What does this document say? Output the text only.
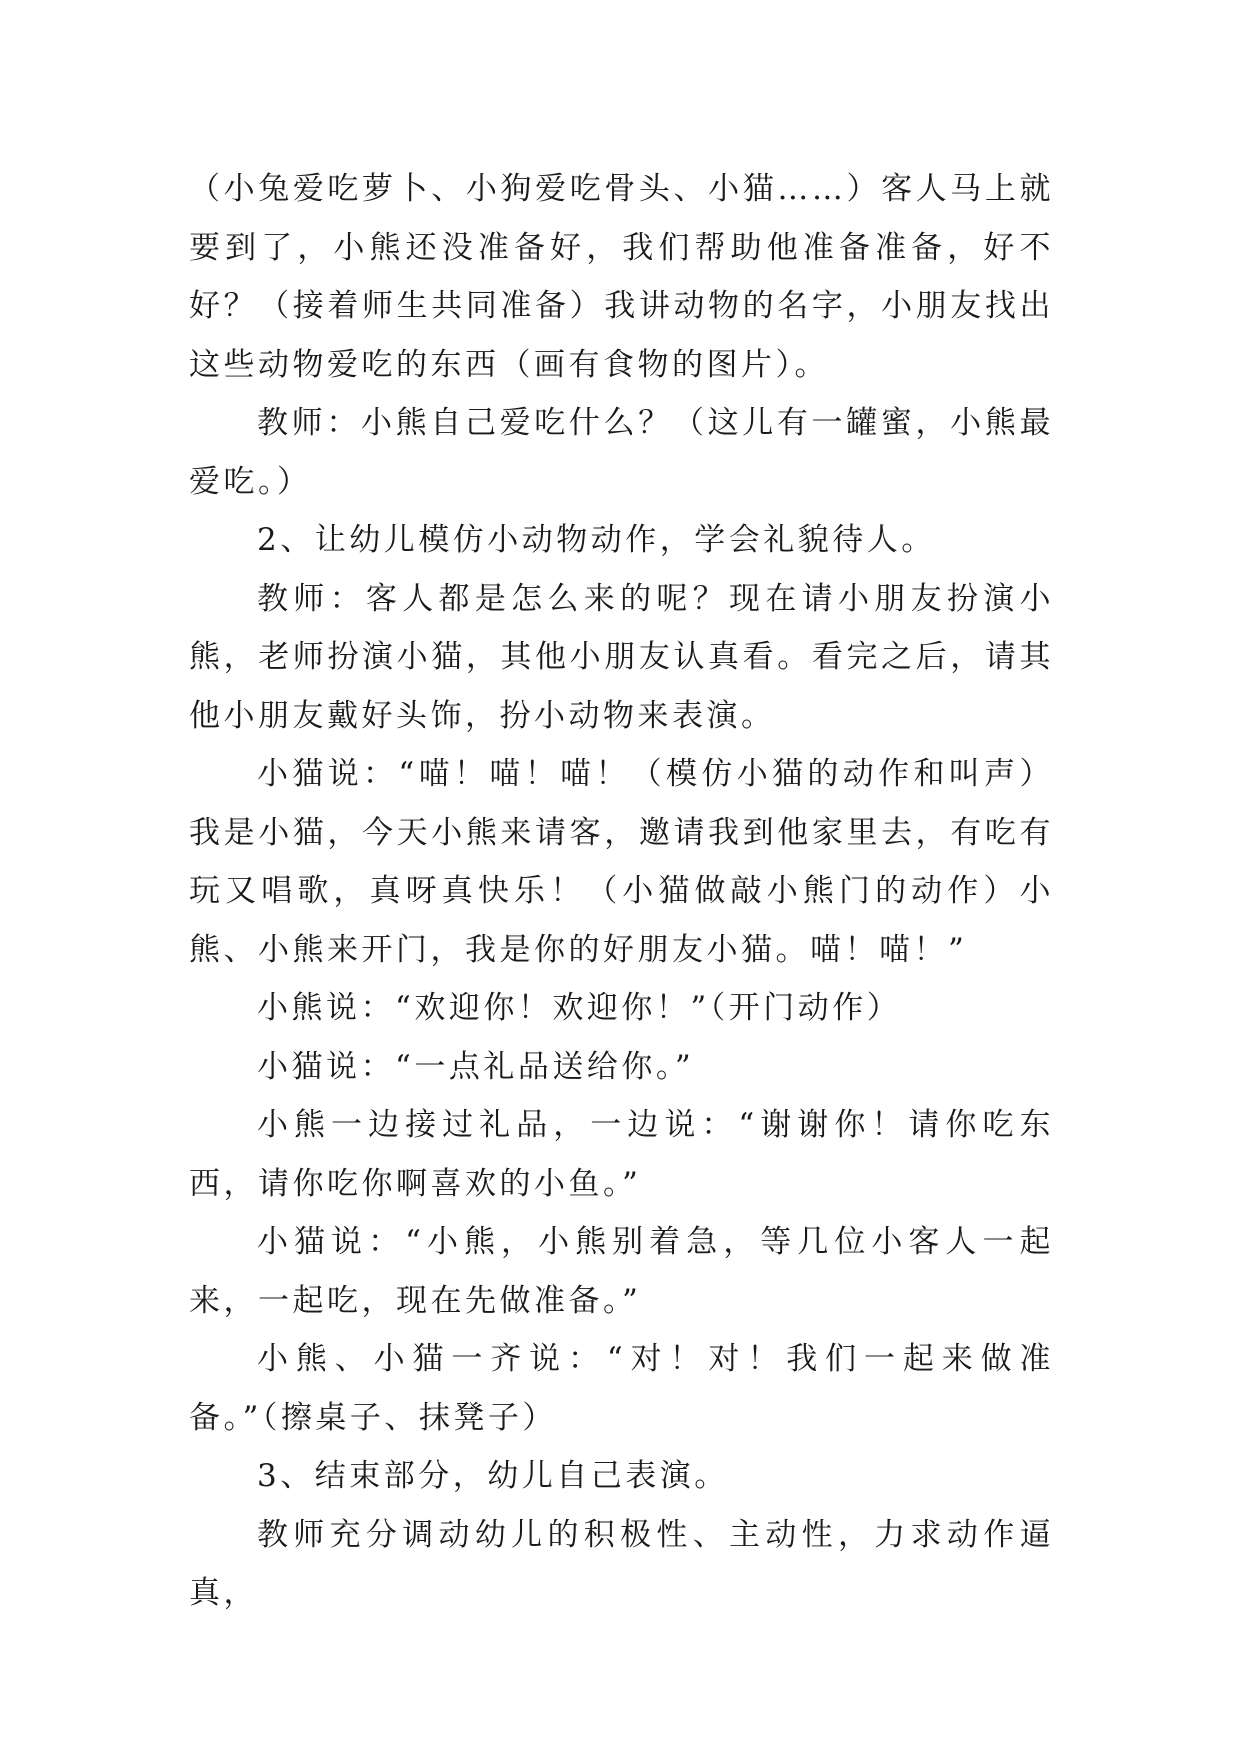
（小兔爱吃萝卜、小狗爱吃骨头、小猫……）客人马上就要到了，小熊还没准备好，我们帮助他准备准备，好不好？（接着师生共同准备）我讲动物的名字，小朋友找出这些动物爱吃的东西（画有食物的图片）。

教师：小熊自己爱吃什么？（这儿有一罐蜜，小熊最爱吃。）

2、让幼儿模仿小动物动作，学会礼貌待人。

教师：客人都是怎么来的呢？现在请小朋友扮演小熊，老师扮演小猫，其他小朋友认真看。看完之后，请其他小朋友戴好头饰，扮小动物来表演。

小猫说：“喵！喵！喵！（模仿小猫的动作和叫声）我是小猫，今天小熊来请客，邀请我到他家里去，有吃有玩又唱歌，真呀真快乐！（小猫做敲小熊门的动作）小熊、小熊来开门，我是你的好朋友小猫。喵！喵！”

小熊说：“欢迎你！欢迎你！”（开门动作）

小猫说：“一点礼品送给你。”

小熊一边接过礼品，一边说：“谢谢你！请你吃东西，请你吃你啊喜欢的小鱼。”

小猫说：“小熊，小熊别着急，等几位小客人一起来，一起吃，现在先做准备。”

小熊、小猫一齐说：“对！对！我们一起来做准备。”（擦桌子、抹凳子）

3、结束部分，幼儿自己表演。

教师充分调动幼儿的积极性、主动性，力求动作逼真，
